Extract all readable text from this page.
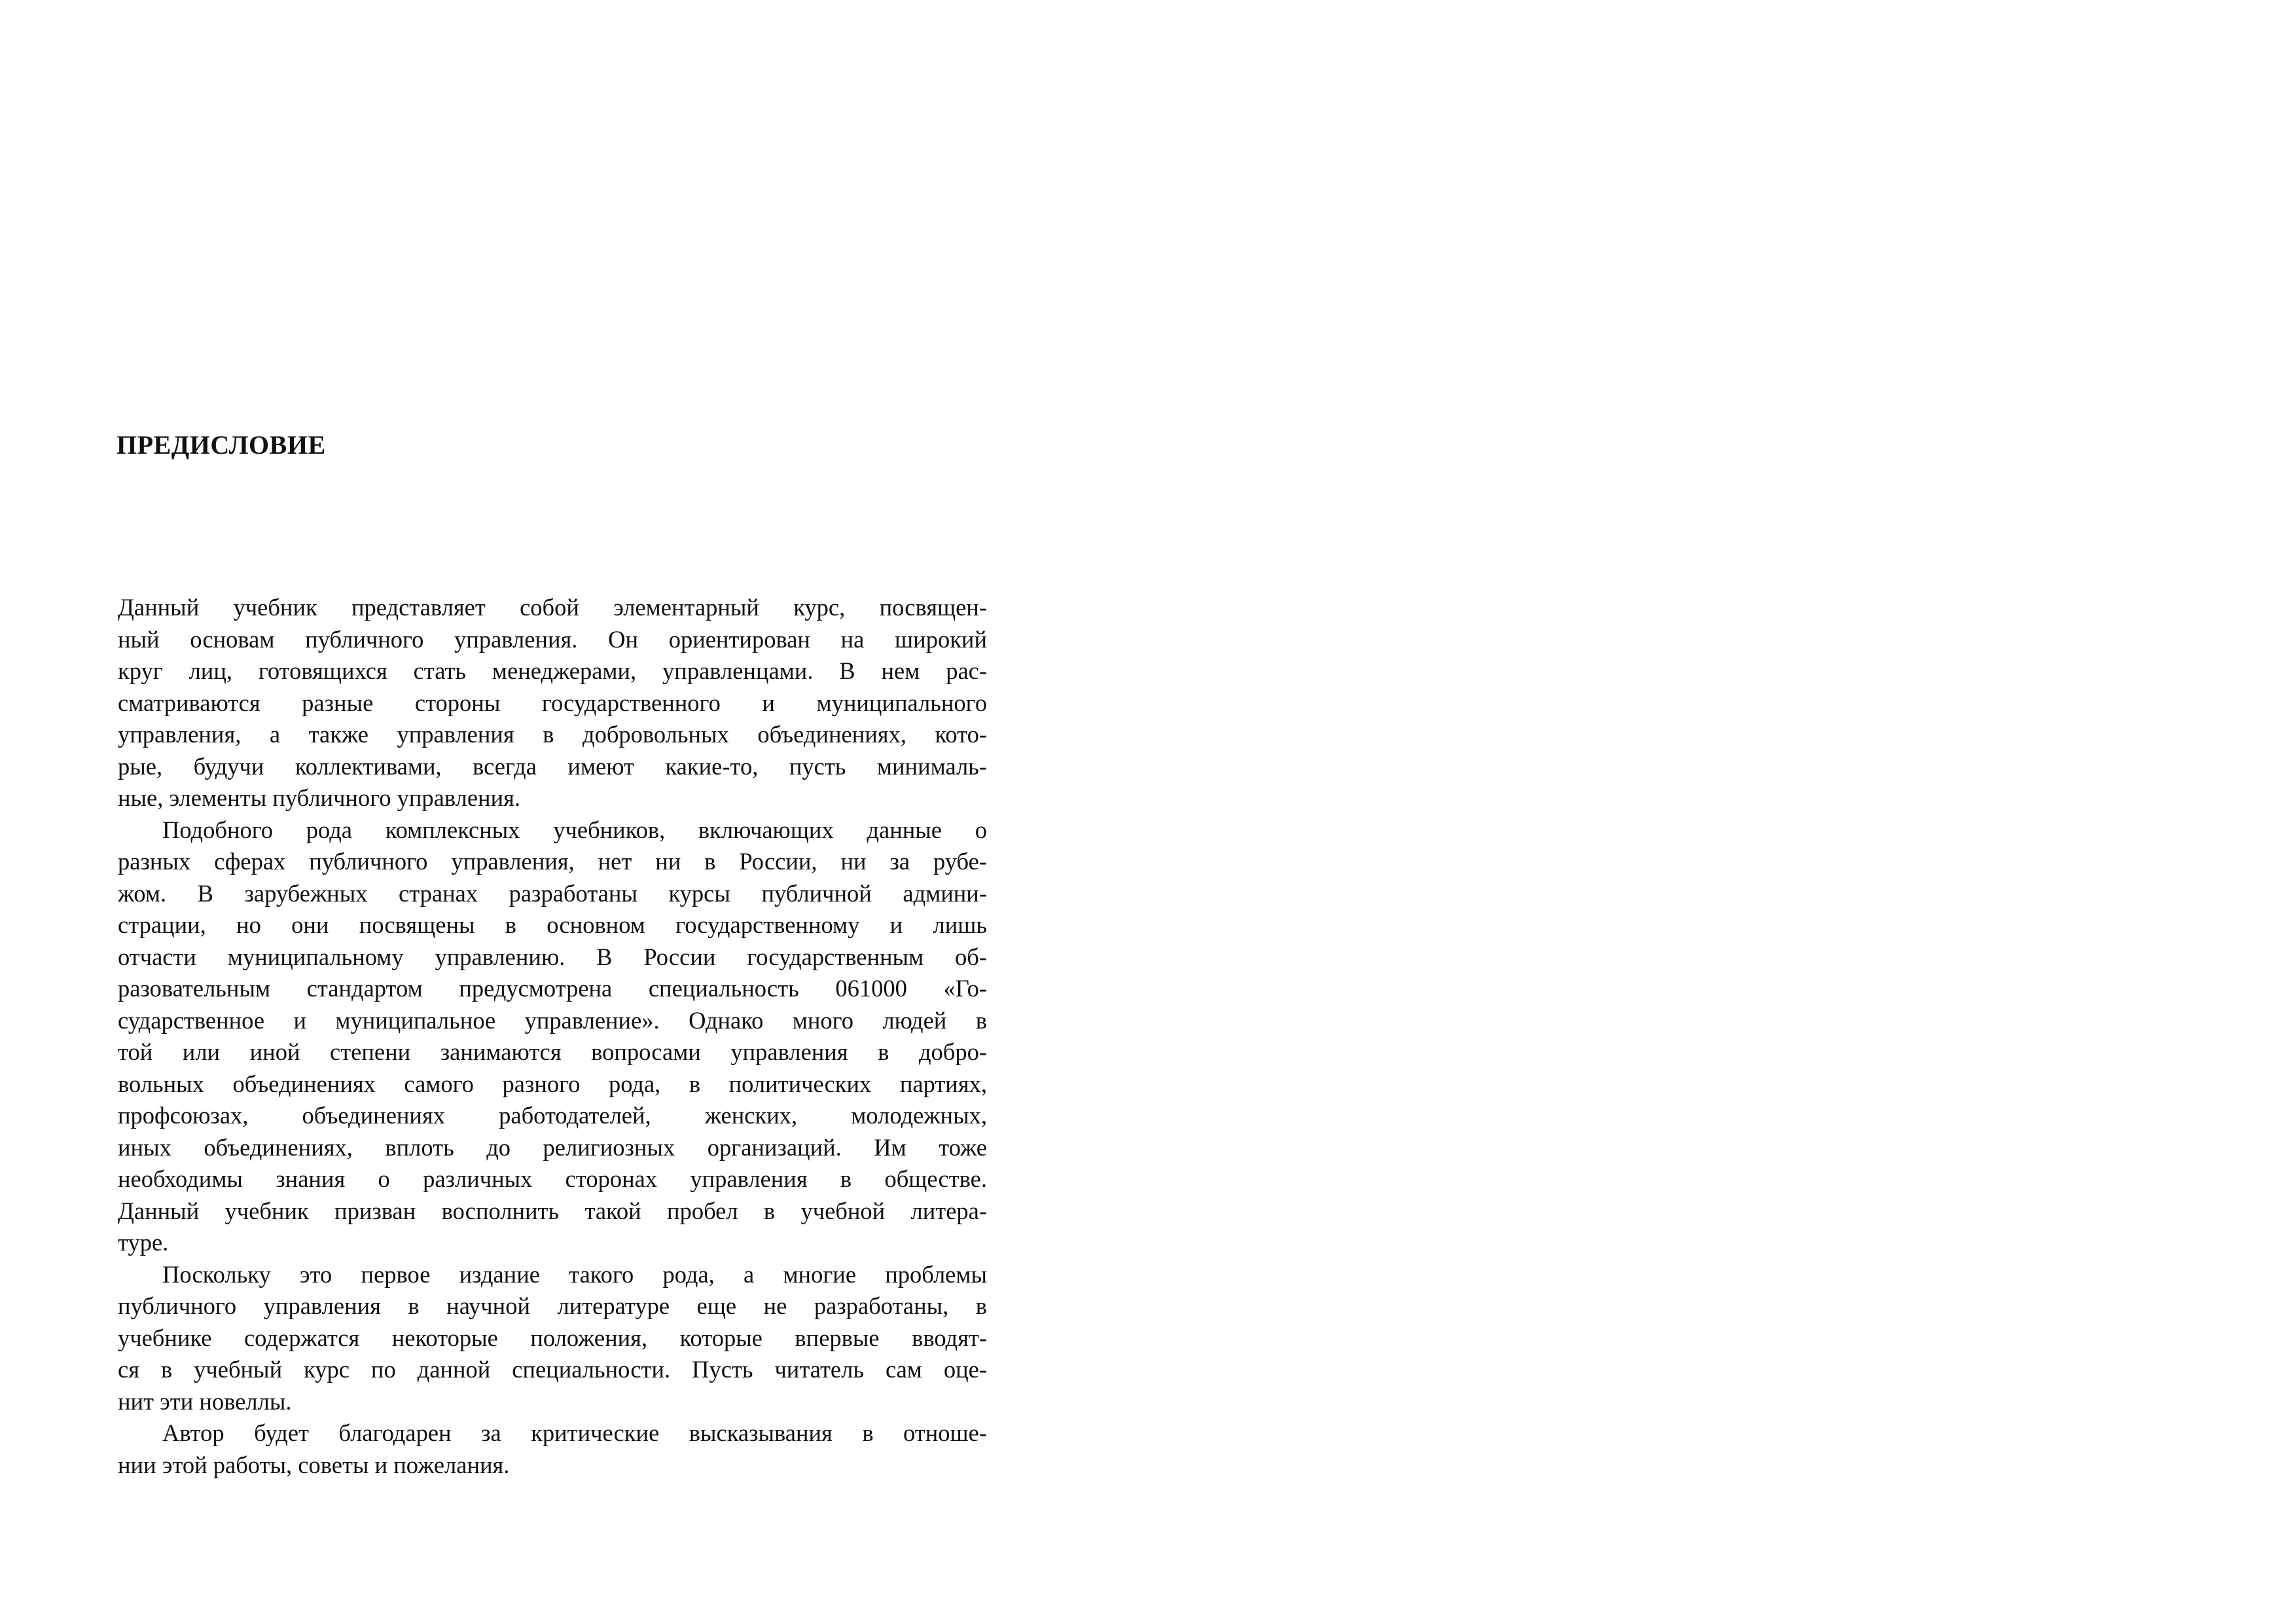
ПРЕДИСЛОВИЕ
Данный учебник представляет собой элементарный курс, посвящен-
ный основам публичного управления. Он ориентирован на широкий
круг лиц, готовящихся стать менеджерами, управленцами. В нем рас-
сматриваются разные стороны государственного и муниципального
управления, а также управления в добровольных объединениях, кото-
рые, будучи коллективами, всегда имеют какие-то, пусть минималь-
ные, элементы публичного управления.
Подобного рода комплексных учебников, включающих данные о
разных сферах публичного управления, нет ни в России, ни за рубе-
жом. В зарубежных странах разработаны курсы публичной админи-
страции, но они посвящены в основном государственному и лишь
отчасти муниципальному управлению. В России государственным об-
разовательным стандартом предусмотрена специальность 061000 «Го-
сударственное и муниципальное управление». Однако много людей в
той или иной степени занимаются вопросами управления в добро-
вольных объединениях самого разного рода, в политических партиях,
профсоюзах, объединениях работодателей, женских, молодежных,
иных объединениях, вплоть до религиозных организаций. Им тоже
необходимы знания о различных сторонах управления в обществе.
Данный учебник призван восполнить такой пробел в учебной литера-
туре.
Поскольку это первое издание такого рода, а многие проблемы
публичного управления в научной литературе еще не разработаны, в
учебнике содержатся некоторые положения, которые впервые вводят-
ся в учебный курс по данной специальности. Пусть читатель сам оце-
нит эти новеллы.
Автор будет благодарен за критические высказывания в отноше-
нии этой работы, советы и пожелания.
